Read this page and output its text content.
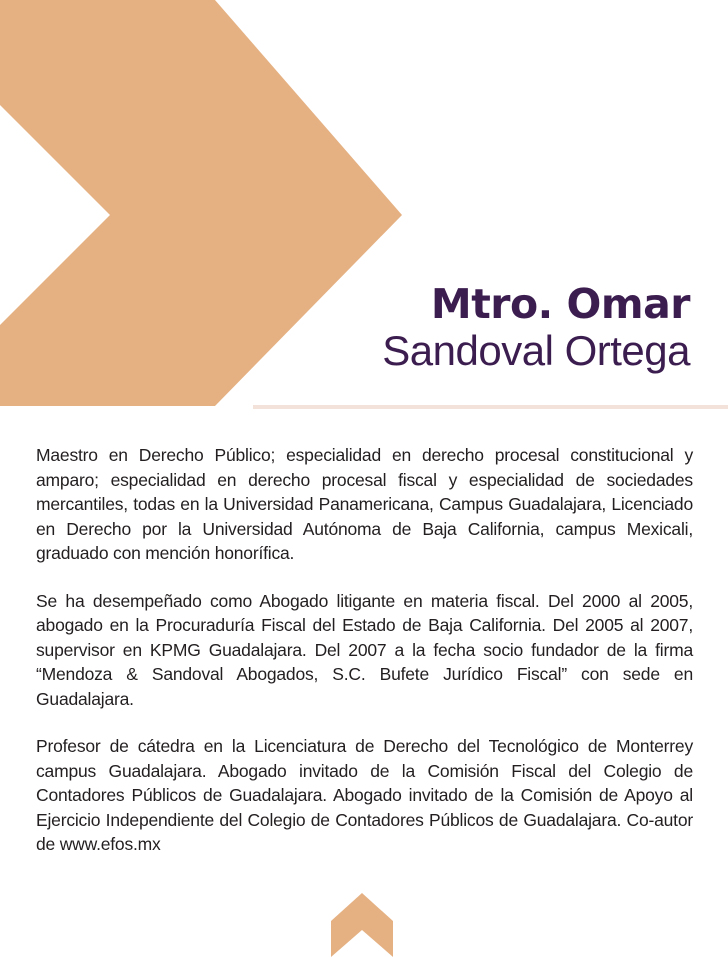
Mtro. Omar
Sandoval Ortega

Maestro en Derecho Público; especialidad en derecho procesal constitucional y amparo; especialidad en derecho procesal fiscal y especialidad de sociedades mercantiles, todas en la Universidad Panamericana, Campus Guadalajara, Licenciado en Derecho por la Universidad Autónoma de Baja California, campus Mexicali, graduado con mención honorífica.

Se ha desempeñado como Abogado litigante en materia fiscal. Del 2000 al 2005, abogado en la Procuraduría Fiscal del Estado de Baja California. Del 2005 al 2007, supervisor en KPMG Guadalajara. Del 2007 a la fecha socio fundador de la firma “Mendoza & Sandoval Abogados, S.C. Bufete Jurídico Fiscal” con sede en Guadalajara.

Profesor de cátedra en la Licenciatura de Derecho del Tecnológico de Monterrey campus Guadalajara. Abogado invitado de la Comisión Fiscal del Colegio de Contadores Públicos de Guadalajara. Abogado invitado de la Comisión de Apoyo al Ejercicio Independiente del Colegio de Contadores Públicos de Guadalajara. Co-autor de www.efos.mx
